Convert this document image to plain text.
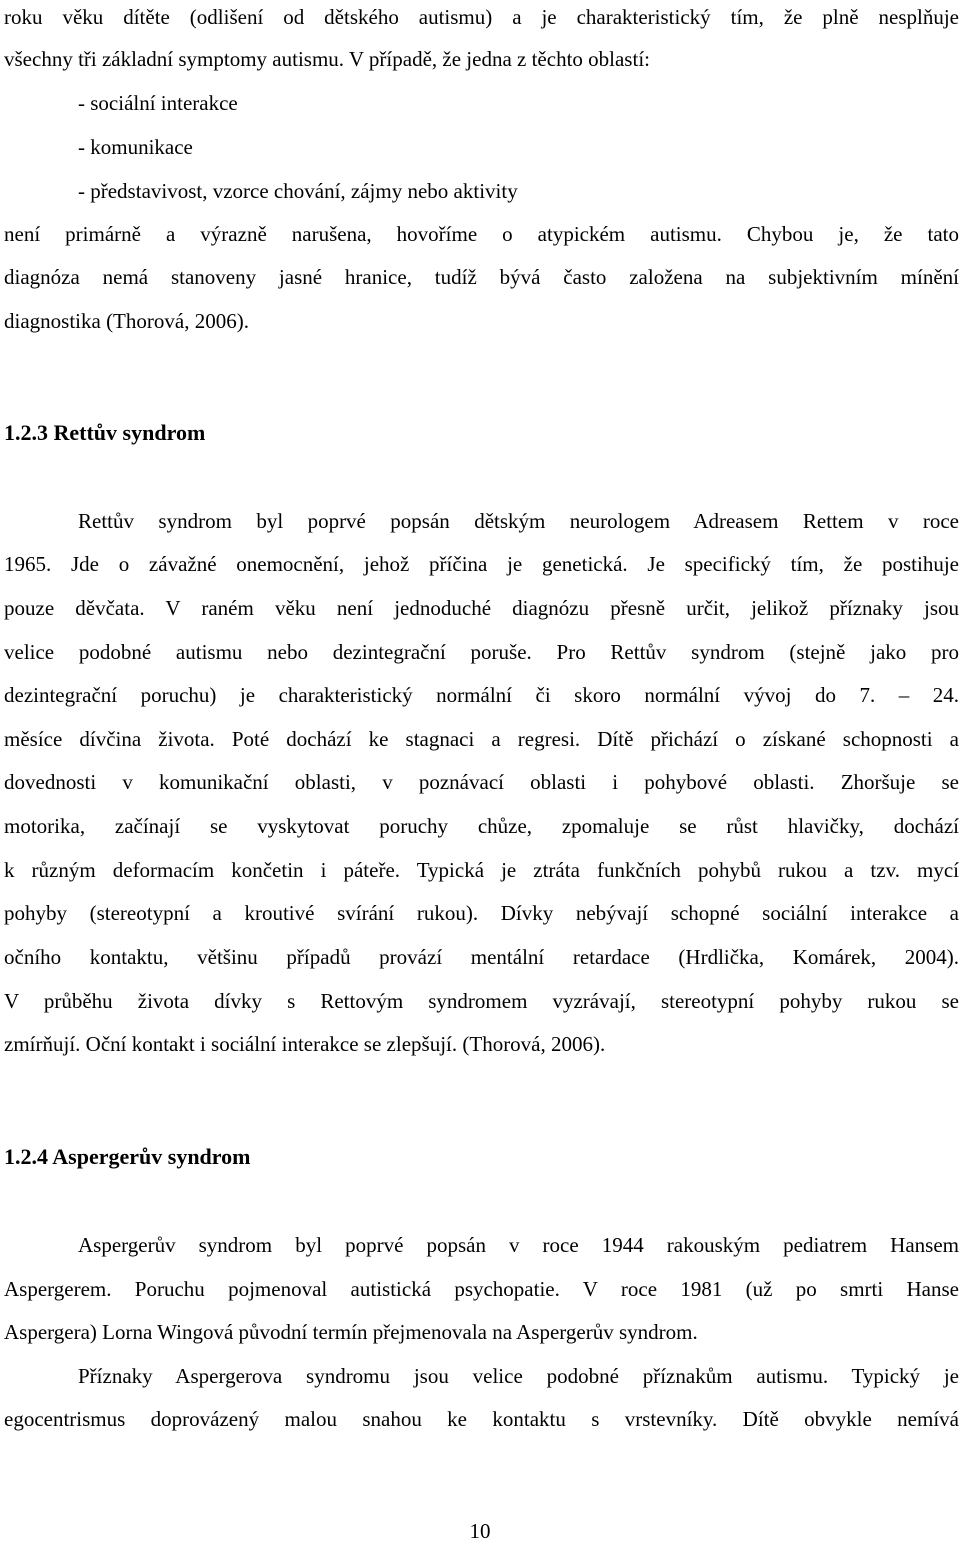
roku věku dítěte (odlišení od dětského autismu) a je charakteristický tím, že plně nesplňuje
všechny tři základní symptomy autismu. V případě, že jedna z těchto oblastí:
- sociální interakce
- komunikace
- představivost, vzorce chování, zájmy nebo aktivity
není primárně a výrazně narušena, hovoříme o atypickém autismu. Chybou je, že tato
diagnóza nemá stanoveny jasné hranice, tudíž bývá často založena na subjektivním mínění
diagnostika (Thorová, 2006).
1.2.3 Rettův syndrom
Rettův syndrom byl poprvé popsán dětským neurologem Adreasem Rettem v roce
1965. Jde o závažné onemocnění, jehož příčina je genetická. Je specifický tím, že postihuje
pouze děvčata. V raném věku není jednoduché diagnózu přesně určit, jelikož příznaky jsou
velice podobné autismu nebo dezintegrační poruše. Pro Rettův syndrom (stejně jako pro
dezintegrační poruchu) je charakteristický normální či skoro normální vývoj do 7. – 24.
měsíce dívčina života. Poté dochází ke stagnaci a regresi. Dítě přichází o získané schopnosti a
dovednosti v komunikační oblasti, v poznávací oblasti i pohybové oblasti. Zhoršuje se
motorika, začínají se vyskytovat poruchy chůze, zpomaluje se růst hlavičky, dochází
k různým deformacím končetin i páteře. Typická je ztráta funkčních pohybů rukou a tzv. mycí
pohyby (stereotypní a kroutivé svírání rukou). Dívky nebývají schopné sociální interakce a
očního kontaktu, většinu případů provází mentální retardace (Hrdlička, Komárek, 2004).
V průběhu života dívky s Rettovým syndromem vyzrávají, stereotypní pohyby rukou se
zmírňují. Oční kontakt i sociální interakce se zlepšují. (Thorová, 2006).
1.2.4 Aspergerův syndrom
Aspergerův syndrom byl poprvé popsán v roce 1944 rakouským pediatrem Hansem
Aspergerem. Poruchu pojmenoval autistická psychopatie. V roce 1981 (už po smrti Hanse
Aspergera) Lorna Wingová původní termín přejmenovala na Aspergerův syndrom.
Příznaky Aspergerova syndromu jsou velice podobné příznakům autismu. Typický je
egocentrismus doprovázený malou snahou ke kontaktu s vrstevníky. Dítě obvykle nemívá
10
